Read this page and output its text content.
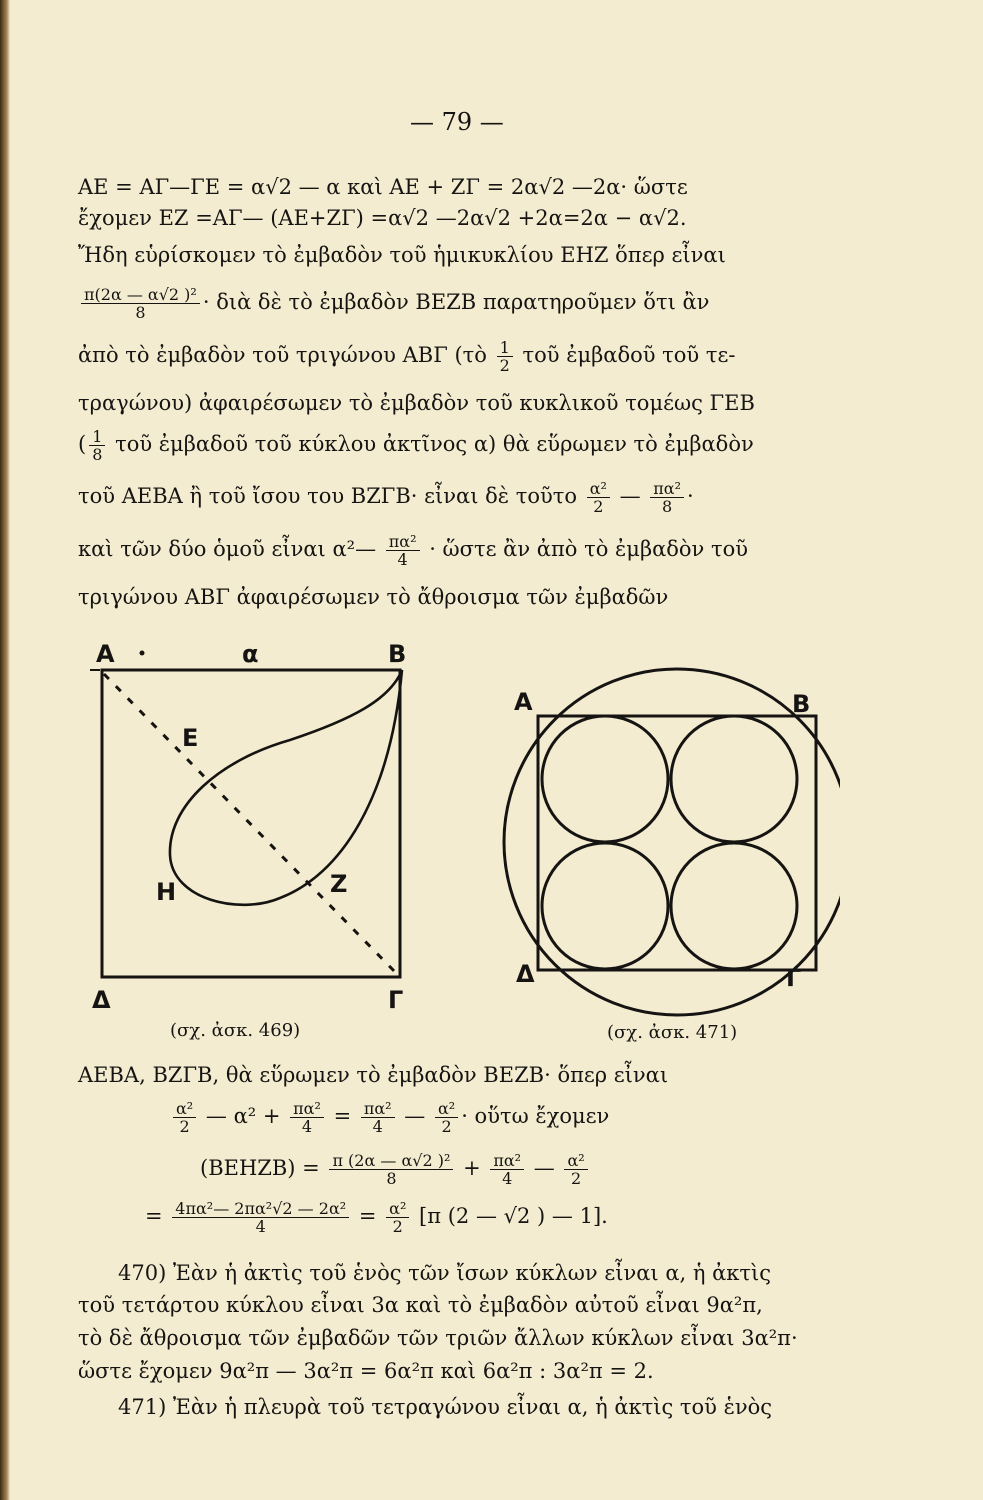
— 79 —
ΑΕ = ΑΓ—ΓΕ = α√2 — α καὶ ΑΕ + ΖΓ = 2α√2 —2α· ὥστε
ἔχομεν ΕΖ =ΑΓ— (ΑΕ+ΖΓ) =α√2 —2α√2 +2α=2α − α√2.
Ἤδη εὑρίσκομεν τὸ ἐμβαδὸν τοῦ ἡμικυκλίου ΕΗΖ ὅπερ εἶναι
$\frac{\text{π(2α — α√2 )²}}{8}$ · διὰ δὲ τὸ ἐμβαδὸν ΒΕΖΒ παρατηροῦμεν ὅτι ἂν
ἀπὸ τὸ ἐμβαδὸν τοῦ τριγώνου ΑΒΓ (τὸ $\frac{1}{2}$ τοῦ ἐμβαδοῦ τοῦ τε-
τραγώνου) ἀφαιρέσωμεν τὸ ἐμβαδὸν τοῦ κυκλικοῦ τομέως ΓΕΒ
( $\frac{1}{8}$ τοῦ ἐμβαδοῦ τοῦ κύκλου ἀκτῖνος α) θὰ εὕρωμεν τὸ ἐμβαδὸν
τοῦ ΑΕΒΑ ἢ τοῦ ἴσου του ΒΖΓΒ· εἶναι δὲ τοῦτο $\frac{\text{α²}}{2}$ — $\frac{\text{πα²}}{8}$ ·
καὶ τῶν δύο ὁμοῦ εἶναι α²— $\frac{\text{πα²}}{4}$ · ὥστε ἂν ἀπὸ τὸ ἐμβαδὸν τοῦ
τριγώνου ΑΒΓ ἀφαιρέσωμεν τὸ ἄθροισμα τῶν ἐμβαδῶν
Α	α	Β
Ε
Η	Ζ
Δ	Γ
(σχ. ἀσκ. 469)
Α	Β
Δ	Γ
(σχ. ἀσκ. 471)
ΑΕΒΑ, ΒΖΓΒ, θὰ εὕρωμεν τὸ ἐμβαδὸν ΒΕΖΒ· ὅπερ εἶναι
$\frac{\text{α²}}{2}$ — $\alpha^2 + \frac{\text{πα²}}{4} = \frac{\text{πα²}}{4}$ — $\frac{\text{α²}}{2}$ · οὕτω ἔχομεν
$(BEHZB) = \frac{\text{π (2α — α√2 )²}}{8} + \frac{\text{πα²}}{4}$ — $\frac{\text{α²}}{2}$
= $\frac{\text{4πα²— 2πα²√2 — 2α²}}{4} = \frac{\text{α²}}{2} [\pi$ (2 — √2 ) — 1].
470) Ἐὰν ἡ ἀκτὶς τοῦ ἑνὸς τῶν ἴσων κύκλων εἶναι α, ἡ ἀκτὶς
τοῦ τετάρτου κύκλου εἶναι 3α καὶ τὸ ἐμβαδὸν αὐτοῦ εἶναι 9α²π,
τὸ δὲ ἄθροισμα τῶν ἐμβαδῶν τῶν τριῶν ἄλλων κύκλων εἶναι 3α²π·
ὥστε ἔχομεν 9α²π — 3α²π = 6α²π καὶ 6α²π : 3α²π = 2.
471) Ἐὰν ἡ πλευρὰ τοῦ τετραγώνου εἶναι α, ἡ ἀκτὶς τοῦ ἑνὸς
